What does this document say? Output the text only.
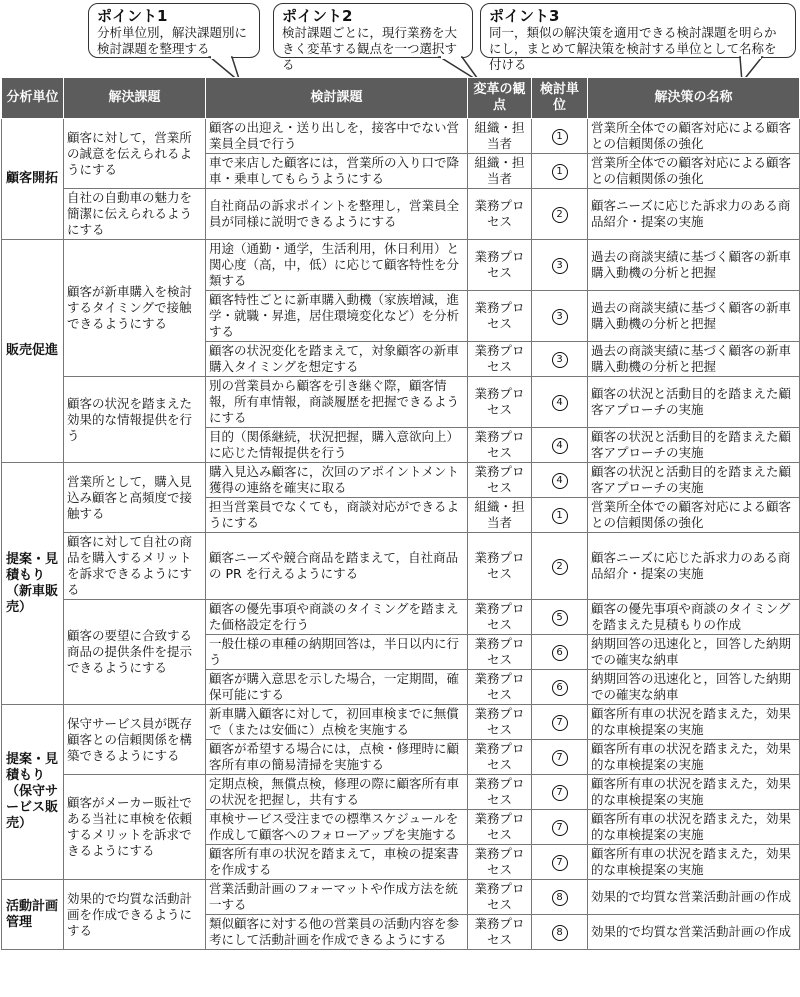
ポイント1
分析単位別，解決課題別に検討課題を整理する
ポイント2
検討課題ごとに，現行業務を大きく変革する観点を一つ選択する
ポイント3
同一，類似の解決策を適用できる検討課題を明らかにし，まとめて解決策を検討する単位として名称を付ける
分析単位	解決課題	検討課題	変革の観点	検討単位	解決策の名称
顧客開拓	顧客に対して，営業所の誠意を伝えられるようにする	顧客の出迎え・送り出しを，接客中でない営業員全員で行う	組織・担当者	1	営業所全体での顧客対応による顧客との信頼関係の強化
		車で来店した顧客には，営業所の入り口で降車・乗車してもらうようにする	組織・担当者	1	営業所全体での顧客対応による顧客との信頼関係の強化
	自社の自動車の魅力を簡潔に伝えられるようにする	自社商品の訴求ポイントを整理し，営業員全員が同様に説明できるようにする	業務プロセス	2	顧客ニーズに応じた訴求力のある商品紹介・提案の実施
販売促進	顧客が新車購入を検討するタイミングで接触できるようにする	用途（通勤・通学，生活利用，休日利用）と関心度（高，中，低）に応じて顧客特性を分類する	業務プロセス	3	過去の商談実績に基づく顧客の新車購入動機の分析と把握
		顧客特性ごとに新車購入動機（家族増減，進学・就職・昇進，居住環境変化など）を分析する	業務プロセス	3	過去の商談実績に基づく顧客の新車購入動機の分析と把握
		顧客の状況変化を踏まえて，対象顧客の新車購入タイミングを想定する	業務プロセス	3	過去の商談実績に基づく顧客の新車購入動機の分析と把握
	顧客の状況を踏まえた効果的な情報提供を行う	別の営業員から顧客を引き継ぐ際，顧客情報，所有車情報，商談履歴を把握できるようにする	業務プロセス	4	顧客の状況と活動目的を踏まえた顧客アプローチの実施
		目的（関係継続，状況把握，購入意欲向上）に応じた情報提供を行う	業務プロセス	4	顧客の状況と活動目的を踏まえた顧客アプローチの実施
提案・見積もり（新車販売）	営業所として，購入見込み顧客と高頻度で接触する	購入見込み顧客に，次回のアポイントメント獲得の連絡を確実に取る	業務プロセス	4	顧客の状況と活動目的を踏まえた顧客アプローチの実施
		担当営業員でなくても，商談対応ができるようにする	組織・担当者	1	営業所全体での顧客対応による顧客との信頼関係の強化
	顧客に対して自社の商品を購入するメリットを訴求できるようにする	顧客ニーズや競合商品を踏まえて，自社商品の PR を行えるようにする	業務プロセス	2	顧客ニーズに応じた訴求力のある商品紹介・提案の実施
	顧客の要望に合致する商品の提供条件を提示できるようにする	顧客の優先事項や商談のタイミングを踏まえた価格設定を行う	業務プロセス	5	顧客の優先事項や商談のタイミングを踏まえた見積もりの作成
		一般仕様の車種の納期回答は，半日以内に行う	業務プロセス	6	納期回答の迅速化と，回答した納期での確実な納車
		顧客が購入意思を示した場合，一定期間，確保可能にする	業務プロセス	6	納期回答の迅速化と，回答した納期での確実な納車
提案・見積もり（保守サービス販売）	保守サービス員が既存顧客との信頼関係を構築できるようにする	新車購入顧客に対して，初回車検までに無償で（または安価に）点検を実施する	業務プロセス	7	顧客所有車の状況を踏まえた，効果的な車検提案の実施
		顧客が希望する場合には，点検・修理時に顧客所有車の簡易清掃を実施する	業務プロセス	7	顧客所有車の状況を踏まえた，効果的な車検提案の実施
	顧客がメーカー販社である当社に車検を依頼するメリットを訴求できるようにする	定期点検，無償点検，修理の際に顧客所有車の状況を把握し，共有する	業務プロセス	7	顧客所有車の状況を踏まえた，効果的な車検提案の実施
		車検サービス受注までの標準スケジュールを作成して顧客へのフォローアップを実施する	業務プロセス	7	顧客所有車の状況を踏まえた，効果的な車検提案の実施
		顧客所有車の状況を踏まえて，車検の提案書を作成する	業務プロセス	7	顧客所有車の状況を踏まえた，効果的な車検提案の実施
活動計画管理	効果的で均質な活動計画を作成できるようにする	営業活動計画のフォーマットや作成方法を統一する	業務プロセス	8	効果的で均質な営業活動計画の作成
		類似顧客に対する他の営業員の活動内容を参考にして活動計画を作成できるようにする	業務プロセス	8	効果的で均質な営業活動計画の作成
